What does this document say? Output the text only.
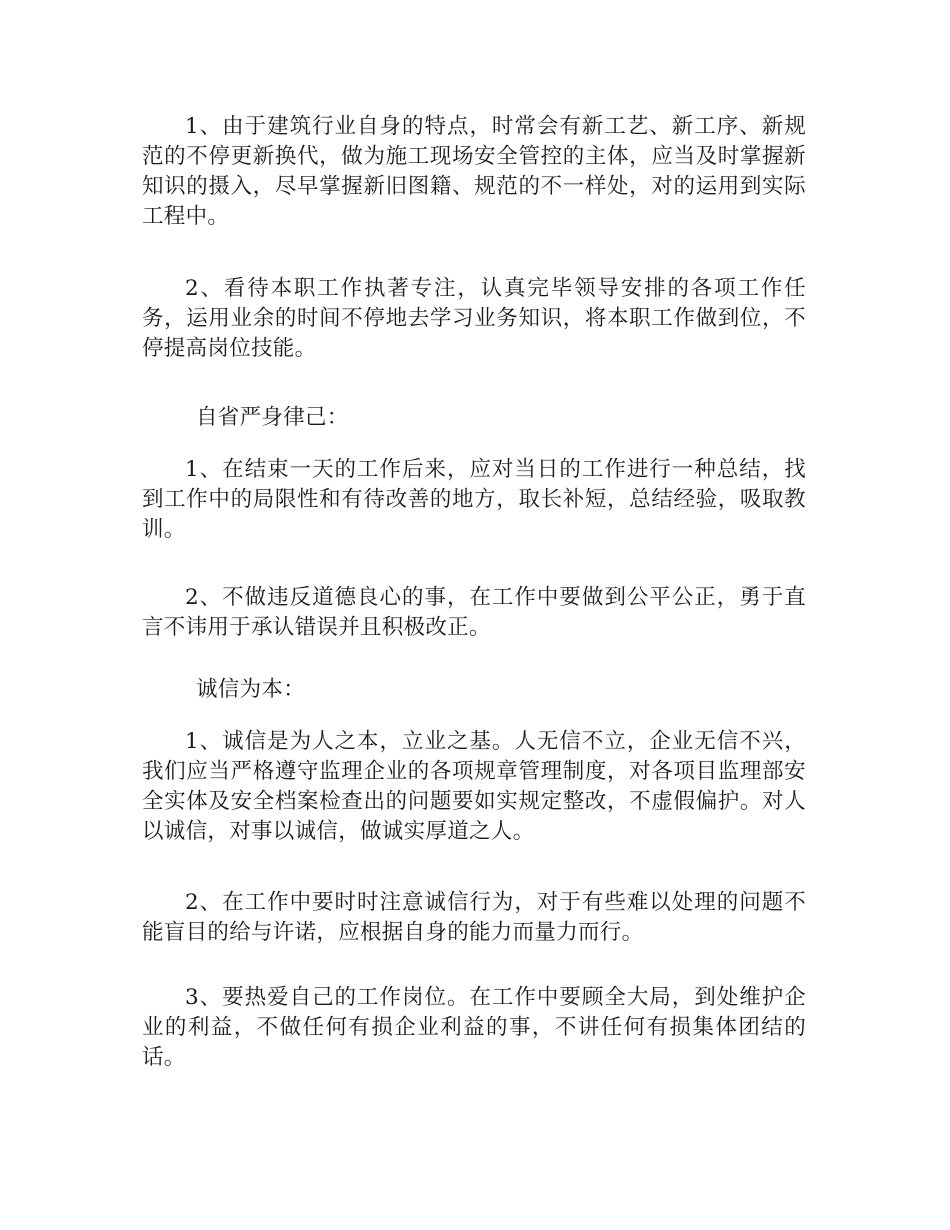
1、由于建筑行业自身的特点，时常会有新工艺、新工序、新规范的不停更新换代，做为施工现场安全管控的主体，应当及时掌握新知识的摄入，尽早掌握新旧图籍、规范的不一样处，对的运用到实际工程中。

2、看待本职工作执著专注，认真完毕领导安排的各项工作任务，运用业余的时间不停地去学习业务知识，将本职工作做到位，不停提高岗位技能。

自省严身律己：

1、在结束一天的工作后来，应对当日的工作进行一种总结，找到工作中的局限性和有待改善的地方，取长补短，总结经验，吸取教训。

2、不做违反道德良心的事，在工作中要做到公平公正，勇于直言不讳用于承认错误并且积极改正。

诚信为本：

1、诚信是为人之本，立业之基。人无信不立，企业无信不兴，我们应当严格遵守监理企业的各项规章管理制度，对各项目监理部安全实体及安全档案检查出的问题要如实规定整改，不虚假偏护。对人以诚信，对事以诚信，做诚实厚道之人。

2、在工作中要时时注意诚信行为，对于有些难以处理的问题不能盲目的给与许诺，应根据自身的能力而量力而行。

3、要热爱自己的工作岗位。在工作中要顾全大局，到处维护企业的利益，不做任何有损企业利益的事，不讲任何有损集体团结的话。
